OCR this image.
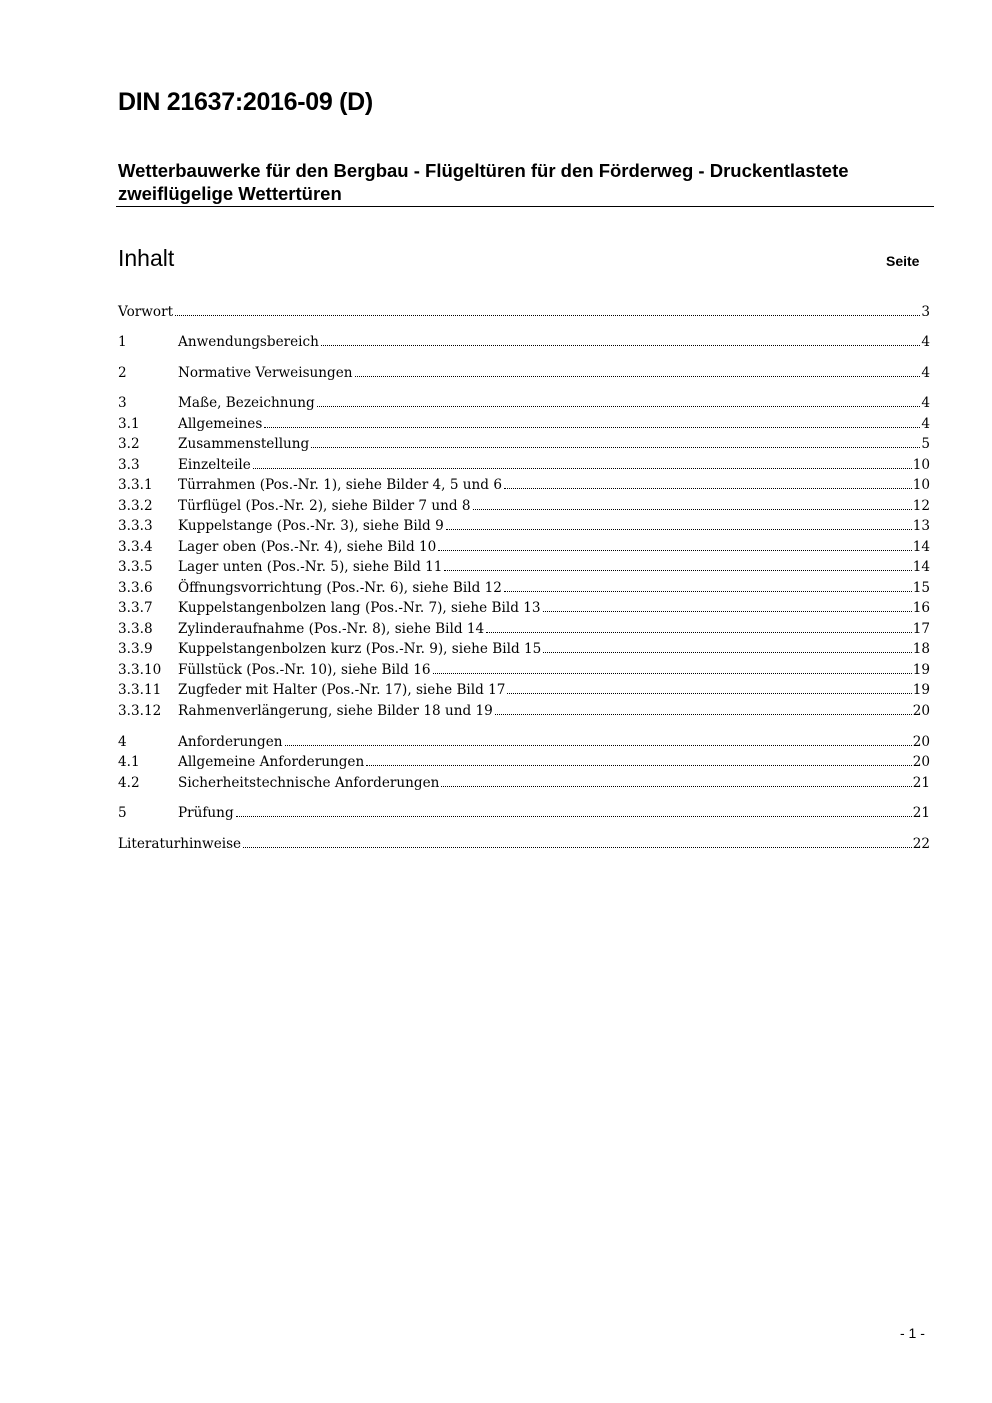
DIN 21637:2016-09 (D)
Wetterbauwerke für den Bergbau - Flügeltüren für den Förderweg - Druckentlastete zweiflügelige Wettertüren
Inhalt	Seite
Vorwort	3
1	Anwendungsbereich	4
2	Normative Verweisungen	4
3	Maße, Bezeichnung	4
3.1	Allgemeines	4
3.2	Zusammenstellung	5
3.3	Einzelteile	10
3.3.1	Türrahmen (Pos.-Nr. 1), siehe Bilder 4, 5 und 6	10
3.3.2	Türflügel (Pos.-Nr. 2), siehe Bilder 7 und 8	12
3.3.3	Kuppelstange (Pos.-Nr. 3), siehe Bild 9	13
3.3.4	Lager oben (Pos.-Nr. 4), siehe Bild 10	14
3.3.5	Lager unten (Pos.-Nr. 5), siehe Bild 11	14
3.3.6	Öffnungsvorrichtung (Pos.-Nr. 6), siehe Bild 12	15
3.3.7	Kuppelstangenbolzen lang (Pos.-Nr. 7), siehe Bild 13	16
3.3.8	Zylinderaufnahme (Pos.-Nr. 8), siehe Bild 14	17
3.3.9	Kuppelstangenbolzen kurz (Pos.-Nr. 9), siehe Bild 15	18
3.3.10	Füllstück (Pos.-Nr. 10), siehe Bild 16	19
3.3.11	Zugfeder mit Halter (Pos.-Nr. 17), siehe Bild 17	19
3.3.12	Rahmenverlängerung, siehe Bilder 18 und 19	20
4	Anforderungen	20
4.1	Allgemeine Anforderungen	20
4.2	Sicherheitstechnische Anforderungen	21
5	Prüfung	21
Literaturhinweise	22
- 1 -
